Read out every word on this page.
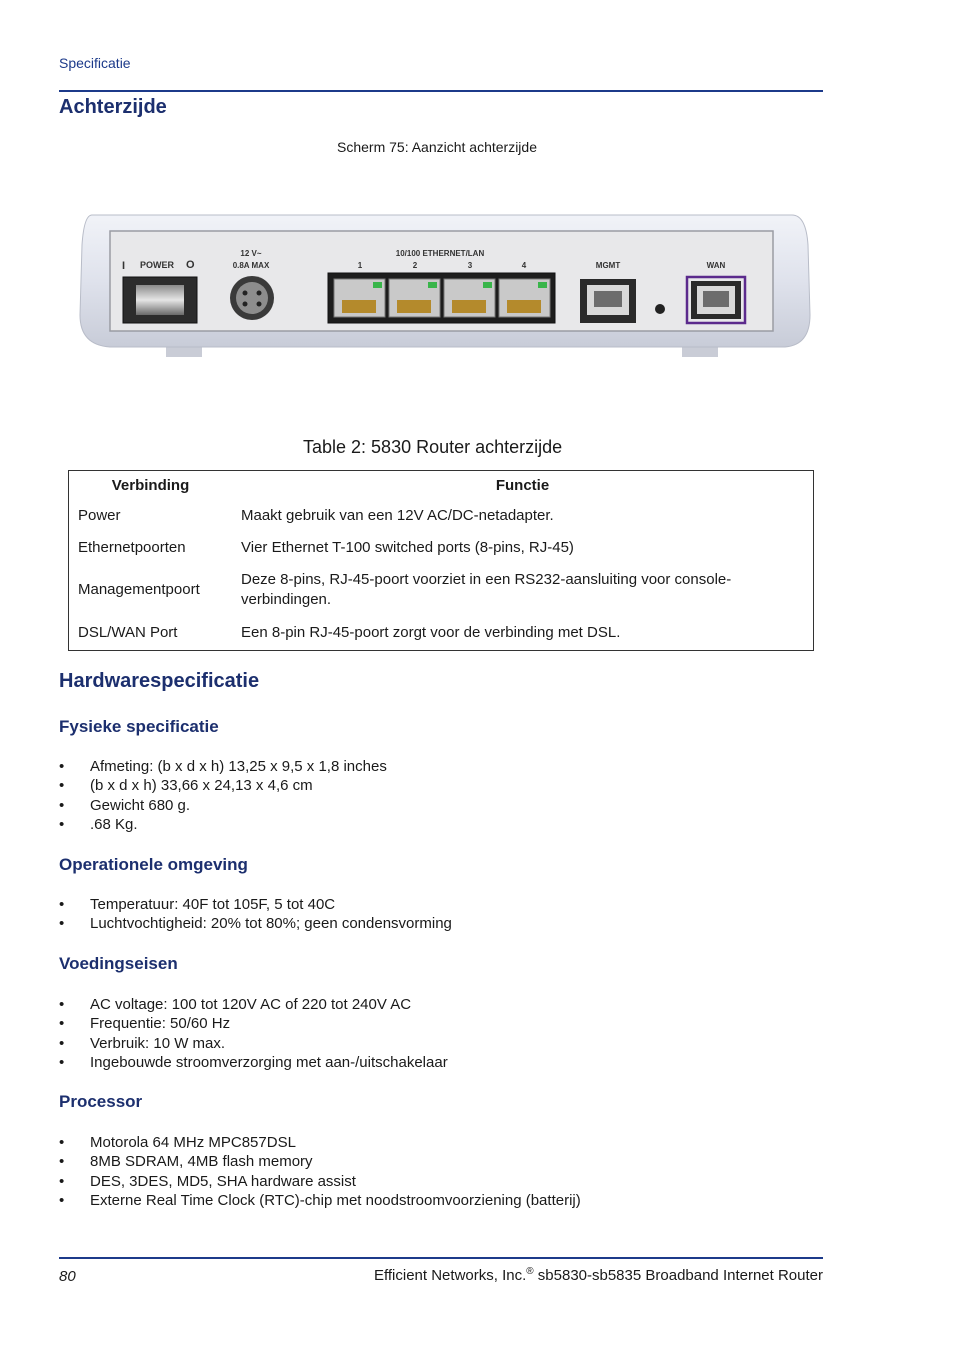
Specificatie
Achterzijde
Scherm 75: Aanzicht achterzijde
I POWER O
12 V~
0.8A MAX
10/100 ETHERNET/LAN
1	2	3	4	MGMT	WAN
Table 2: 5830 Router achterzijde
Verbinding	Functie
Power	Maakt gebruik van een 12V AC/DC-netadapter.
Ethernetpoorten	Vier Ethernet T-100 switched ports (8-pins, RJ-45)
Managementpoort	Deze 8-pins, RJ-45-poort voorziet in een RS232-aansluiting voor console-verbindingen.
DSL/WAN Port	Een 8-pin RJ-45-poort zorgt voor de verbinding met DSL.
Hardwarespecificatie
Fysieke specificatie
• Afmeting: (b x d x h) 13,25 x 9,5 x 1,8 inches
• (b x d x h) 33,66 x 24,13 x 4,6 cm
• Gewicht 680 g.
• .68 Kg.
Operationele omgeving
• Temperatuur: 40F tot 105F, 5 tot 40C
• Luchtvochtigheid: 20% tot 80%; geen condensvorming
Voedingseisen
• AC voltage: 100 tot 120V AC of 220 tot 240V AC
• Frequentie: 50/60 Hz
• Verbruik: 10 W max.
• Ingebouwde stroomverzorging met aan-/uitschakelaar
Processor
• Motorola 64 MHz MPC857DSL
• 8MB SDRAM, 4MB flash memory
• DES, 3DES, MD5, SHA hardware assist
• Externe Real Time Clock (RTC)-chip met noodstroomvoorziening (batterij)
80	Efficient Networks, Inc.® sb5830-sb5835 Broadband Internet Router
